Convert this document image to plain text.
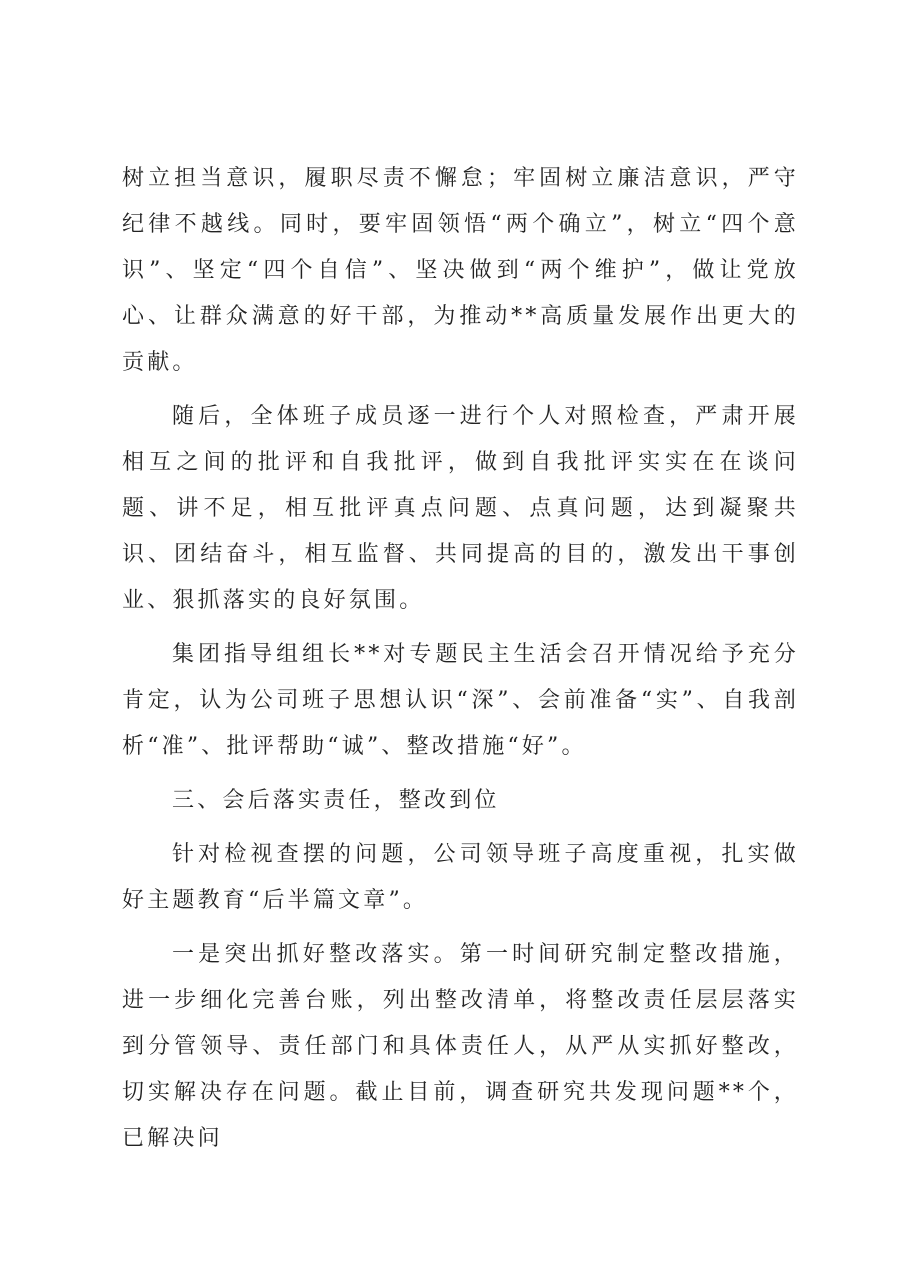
树立担当意识，履职尽责不懈怠；牢固树立廉洁意识，严守纪律不越线。同时，要牢固领悟“两个确立”，树立“四个意识”、坚定“四个自信”、坚决做到“两个维护”，做让党放心、让群众满意的好干部，为推动**高质量发展作出更大的贡献。

随后，全体班子成员逐一进行个人对照检查，严肃开展相互之间的批评和自我批评，做到自我批评实实在在谈问题、讲不足，相互批评真点问题、点真问题，达到凝聚共识、团结奋斗，相互监督、共同提高的目的，激发出干事创业、狠抓落实的良好氛围。

集团指导组组长**对专题民主生活会召开情况给予充分肯定，认为公司班子思想认识“深”、会前准备“实”、自我剖析“准”、批评帮助“诚”、整改措施“好”。

三、会后落实责任，整改到位

针对检视查摆的问题，公司领导班子高度重视，扎实做好主题教育“后半篇文章”。

一是突出抓好整改落实。第一时间研究制定整改措施，进一步细化完善台账，列出整改清单，将整改责任层层落实到分管领导、责任部门和具体责任人，从严从实抓好整改，切实解决存在问题。截止目前，调查研究共发现问题**个，已解决问
